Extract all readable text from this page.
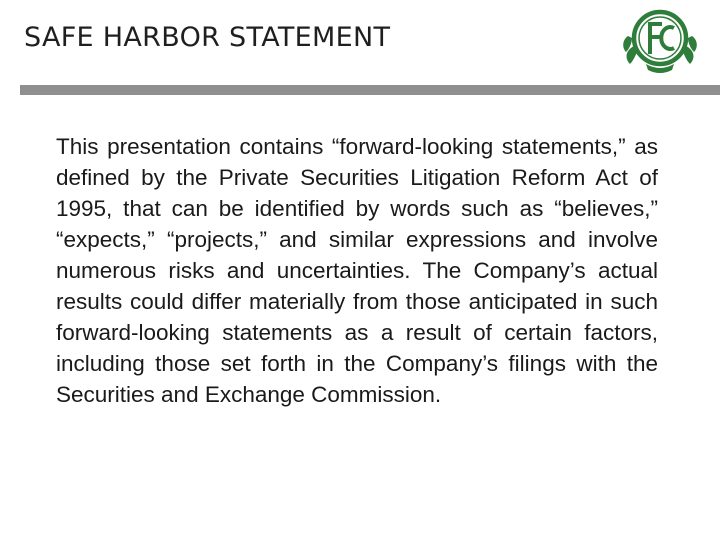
SAFE HARBOR STATEMENT

This presentation contains “forward-looking statements,” as defined by the Private Securities Litigation Reform Act of 1995, that can be identified by words such as “believes,” “expects,” “projects,” and similar expressions and involve numerous risks and uncertainties. The Company’s actual results could differ materially from those anticipated in such forward-looking statements as a result of certain factors, including those set forth in the Company’s filings with the Securities and Exchange Commission.
